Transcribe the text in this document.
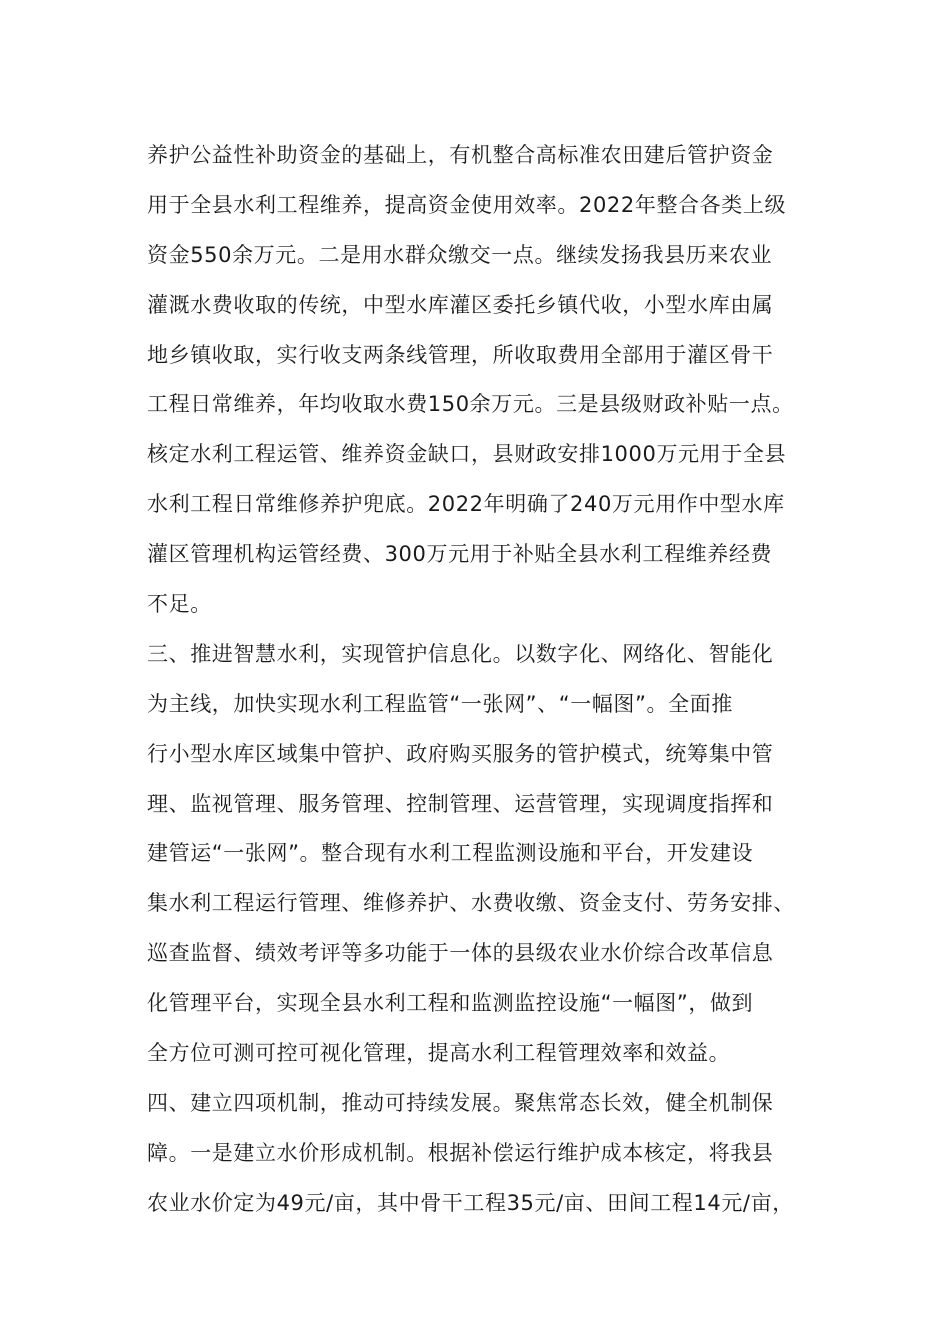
养护公益性补助资金的基础上，有机整合高标准农田建后管护资金
用于全县水利工程维养，提高资金使用效率。2022年整合各类上级
资金550余万元。二是用水群众缴交一点。继续发扬我县历来农业
灌溉水费收取的传统，中型水库灌区委托乡镇代收，小型水库由属
地乡镇收取，实行收支两条线管理，所收取费用全部用于灌区骨干
工程日常维养，年均收取水费150余万元。三是县级财政补贴一点。
核定水利工程运管、维养资金缺口，县财政安排1000万元用于全县
水利工程日常维修养护兜底。2022年明确了240万元用作中型水库
灌区管理机构运管经费、300万元用于补贴全县水利工程维养经费
不足。
三、推进智慧水利，实现管护信息化。以数字化、网络化、智能化
为主线，加快实现水利工程监管“一张网”、“一幅图”。全面推
行小型水库区域集中管护、政府购买服务的管护模式，统筹集中管
理、监视管理、服务管理、控制管理、运营管理，实现调度指挥和
建管运“一张网”。整合现有水利工程监测设施和平台，开发建设
集水利工程运行管理、维修养护、水费收缴、资金支付、劳务安排、
巡查监督、绩效考评等多功能于一体的县级农业水价综合改革信息
化管理平台，实现全县水利工程和监测监控设施“一幅图”，做到
全方位可测可控可视化管理，提高水利工程管理效率和效益。
四、建立四项机制，推动可持续发展。聚焦常态长效，健全机制保
障。一是建立水价形成机制。根据补偿运行维护成本核定，将我县
农业水价定为49元/亩，其中骨干工程35元/亩、田间工程14元/亩，
